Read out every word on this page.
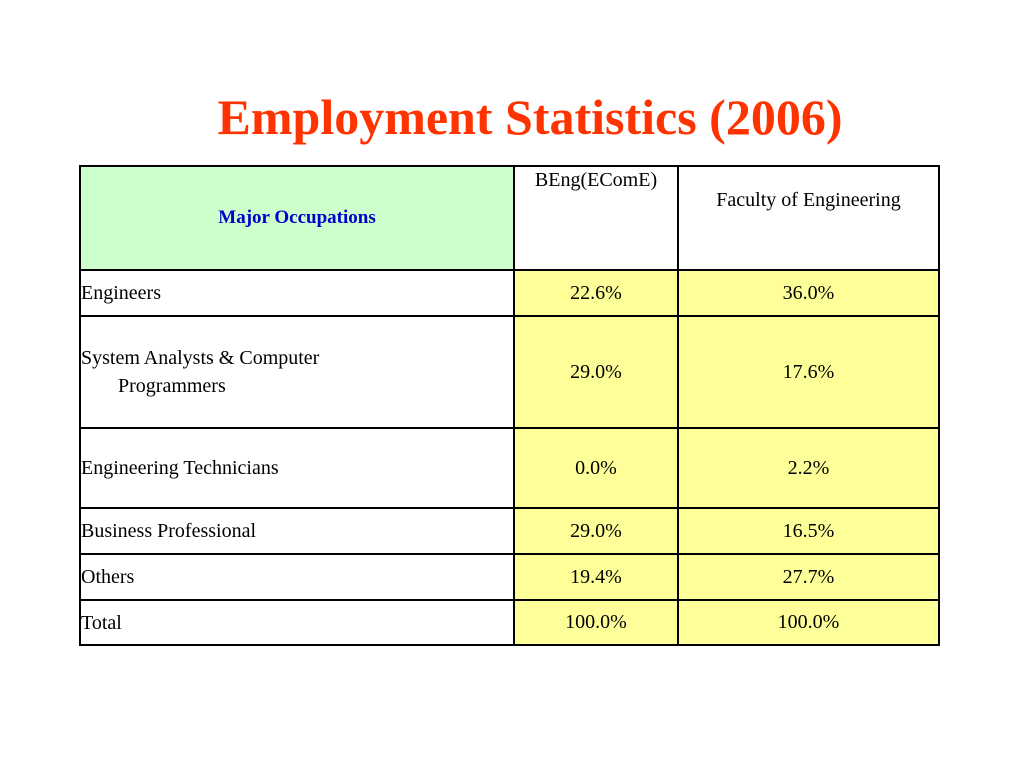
Employment Statistics (2006)
Major Occupations	BEng(EComE)	Faculty of Engineering
Engineers	22.6%	36.0%
System Analysts & Computer
Programmers	29.0%	17.6%
Engineering Technicians	0.0%	2.2%
Business Professional	29.0%	16.5%
Others	19.4%	27.7%
Total	100.0%	100.0%
